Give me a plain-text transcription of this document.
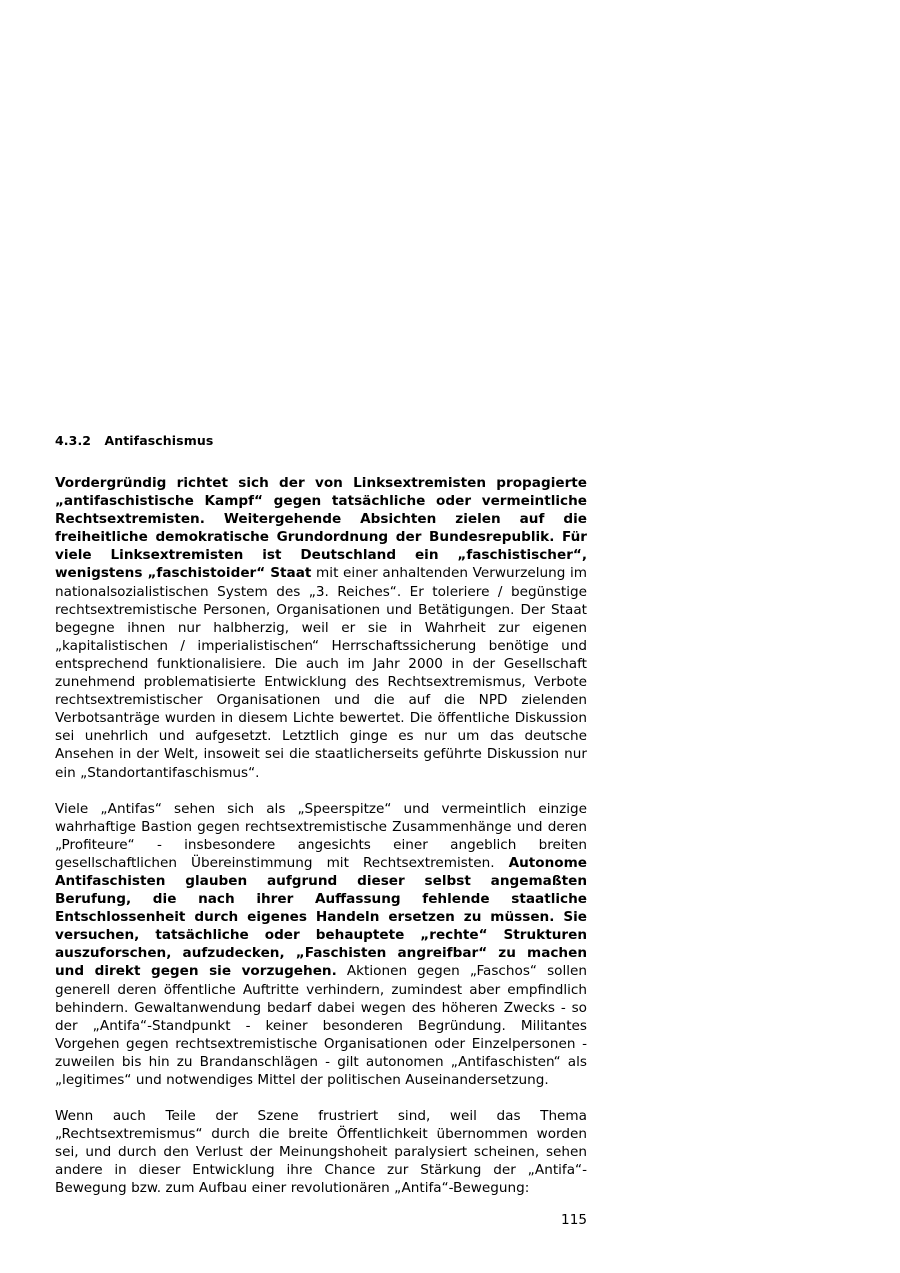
4.3.2   Antifaschismus

Vordergründig richtet sich der von Linksextremisten propagierte „antifaschistische Kampf“ gegen tatsächliche oder vermeintliche Rechtsextremisten. Weitergehende Absichten zielen auf die freiheitliche demokratische Grundordnung der Bundesrepublik. Für viele Linksextremisten ist Deutschland ein „faschistischer“, wenigstens „faschistoider“ Staat mit einer anhaltenden Verwurzelung im nationalsozialistischen System des „3. Reiches“. Er toleriere / begünstige rechtsextremistische Personen, Organisationen und Betätigungen. Der Staat begegne ihnen nur halbherzig, weil er sie in Wahrheit zur eigenen „kapitalistischen / imperialistischen“ Herrschaftssicherung benötige und entsprechend funktionalisiere. Die auch im Jahr 2000 in der Gesellschaft zunehmend problematisierte Entwicklung des Rechtsextremismus, Verbote rechtsextremistischer Organisationen und die auf die NPD zielenden Verbotsanträge wurden in diesem Lichte bewertet. Die öffentliche Diskussion sei unehrlich und aufgesetzt. Letztlich ginge es nur um das deutsche Ansehen in der Welt, insoweit sei die staatlicherseits geführte Diskussion nur ein „Standortantifaschismus“.

Viele „Antifas“ sehen sich als „Speerspitze“ und vermeintlich einzige wahrhaftige Bastion gegen rechtsextremistische Zusammenhänge und deren „Profiteure“ - insbesondere angesichts einer angeblich breiten gesellschaftlichen Übereinstimmung mit Rechtsextremisten. Autonome Antifaschisten glauben aufgrund dieser selbst angemaßten Berufung, die nach ihrer Auffassung fehlende staatliche Entschlossenheit durch eigenes Handeln ersetzen zu müssen. Sie versuchen, tatsächliche oder behauptete „rechte“ Strukturen auszuforschen, aufzudecken, „Faschisten angreifbar“ zu machen und direkt gegen sie vorzugehen. Aktionen gegen „Faschos“ sollen generell deren öffentliche Auftritte verhindern, zumindest aber empfindlich behindern. Gewaltanwendung bedarf dabei wegen des höheren Zwecks - so der „Antifa“-Standpunkt - keiner besonderen Begründung. Militantes Vorgehen gegen rechtsextremistische Organisationen oder Einzelpersonen - zuweilen bis hin zu Brandanschlägen - gilt autonomen „Antifaschisten“ als „legitimes“ und notwendiges Mittel der politischen Auseinandersetzung.

Wenn auch Teile der Szene frustriert sind, weil das Thema „Rechtsextremismus“ durch die breite Öffentlichkeit übernommen worden sei, und durch den Verlust der Meinungshoheit paralysiert scheinen, sehen andere in dieser Entwicklung ihre Chance zur Stärkung der „Antifa“-Bewegung bzw. zum Aufbau einer revolutionären „Antifa“-Bewegung:

115
